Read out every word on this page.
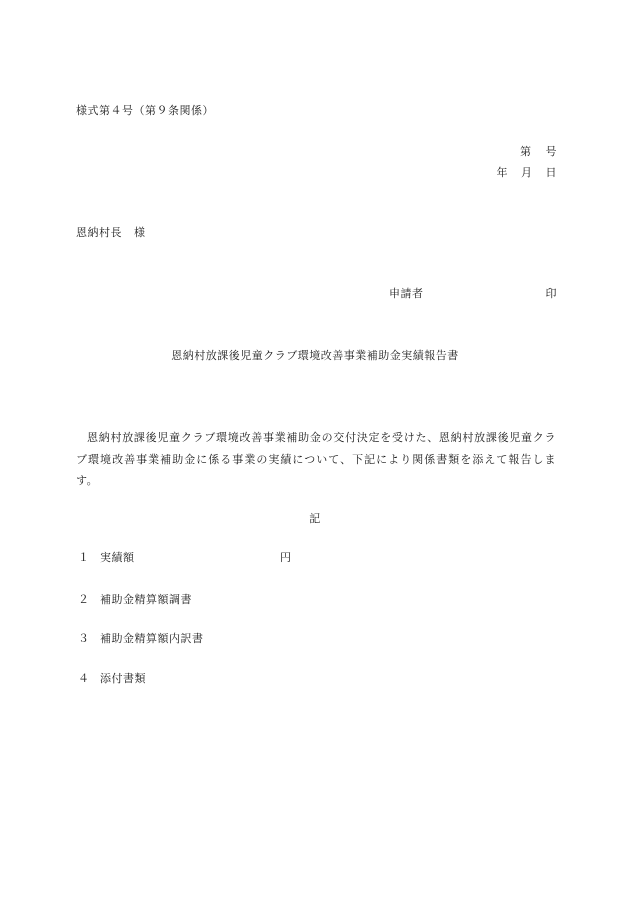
様式第４号（第９条関係）
第 号
年 月 日
恩納村長 様
申請者	印
恩納村放課後児童クラブ環境改善事業補助金実績報告書
恩納村放課後児童クラブ環境改善事業補助金の交付決定を受けた、恩納村放課後児童クラブ環境改善事業補助金に係る事業の実績について、下記により関係書類を添えて報告します。
記
１ 実績額	円
２ 補助金精算額調書
３ 補助金精算額内訳書
４ 添付書類
